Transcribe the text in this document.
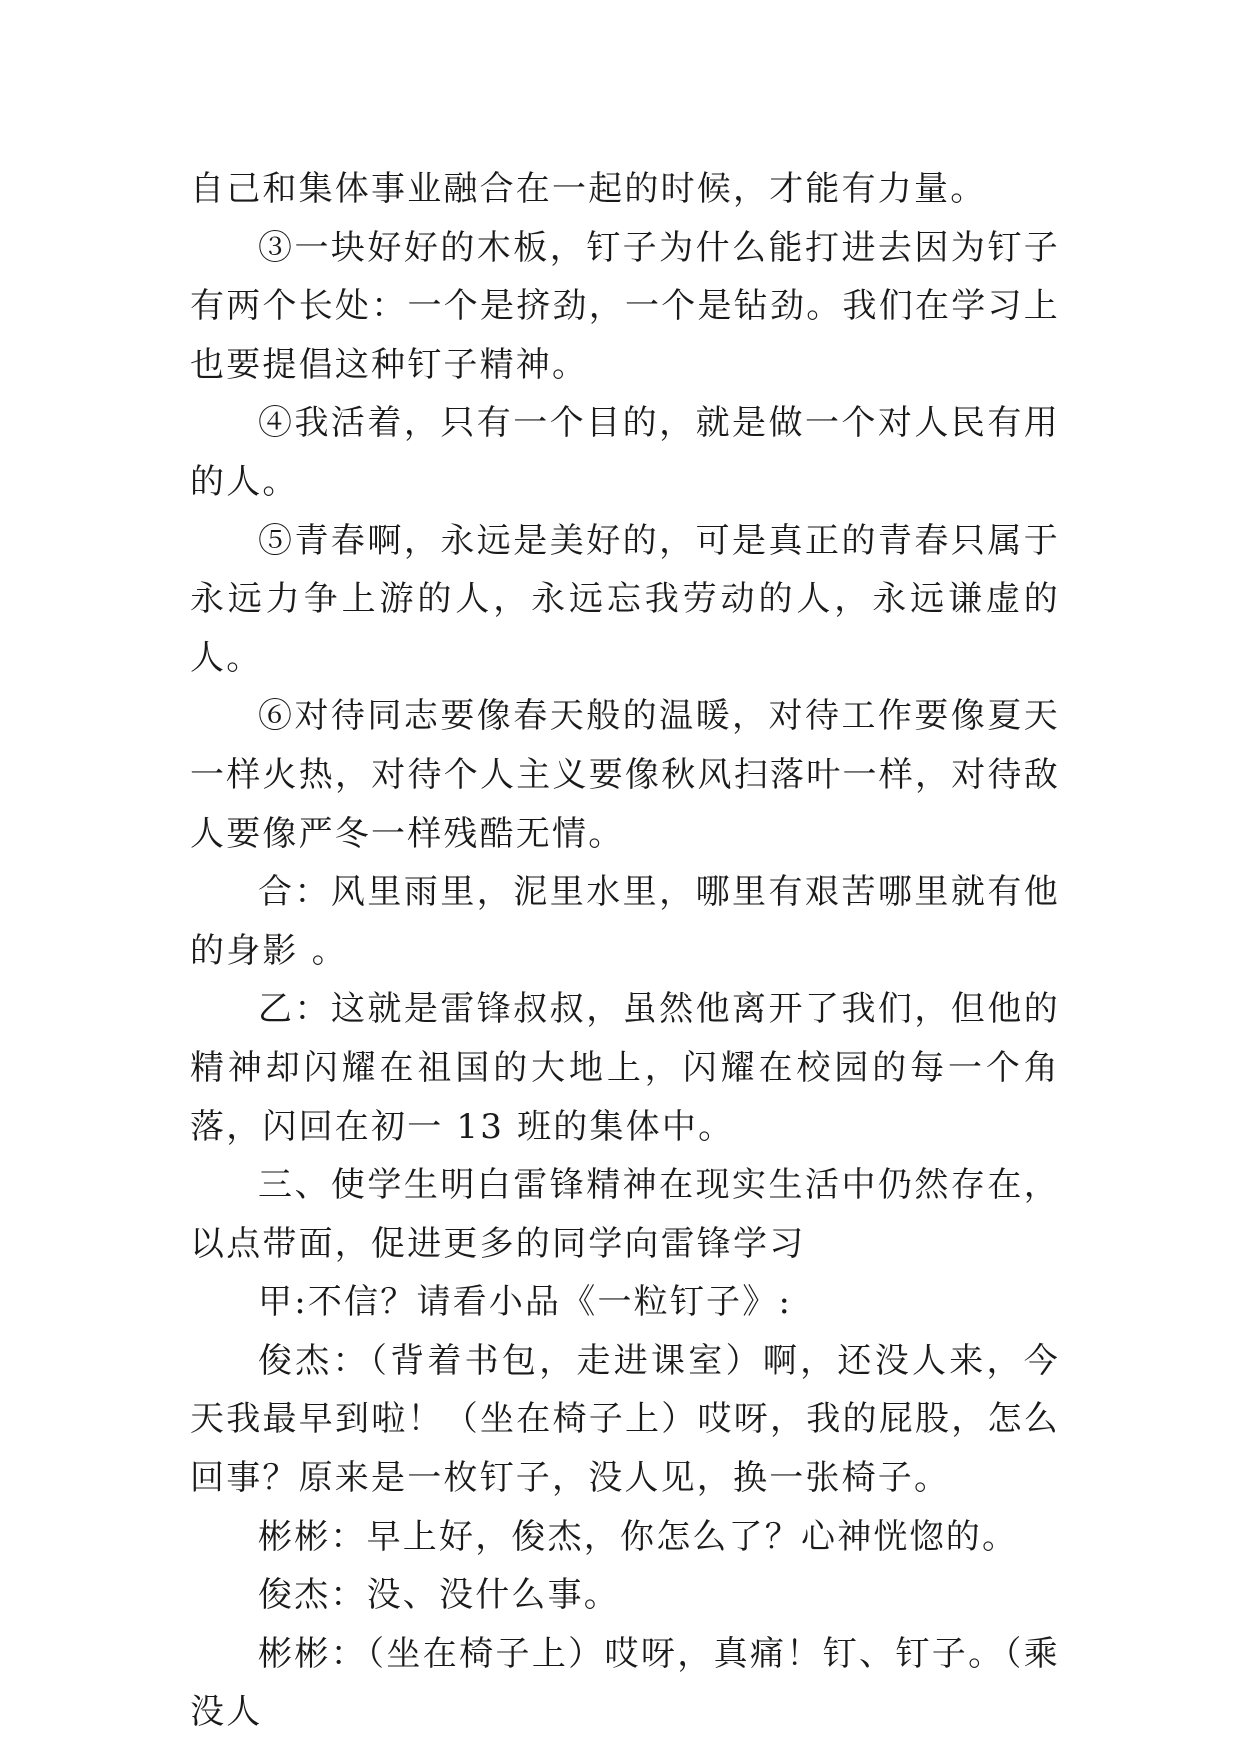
自己和集体事业融合在一起的时候，才能有力量。

③一块好好的木板，钉子为什么能打进去因为钉子有两个长处：一个是挤劲，一个是钻劲。我们在学习上也要提倡这种钉子精神。

④我活着，只有一个目的，就是做一个对人民有用的人。

⑤青春啊，永远是美好的，可是真正的青春只属于永远力争上游的人，永远忘我劳动的人，永远谦虚的人。

⑥对待同志要像春天般的温暖，对待工作要像夏天一样火热，对待个人主义要像秋风扫落叶一样，对待敌人要像严冬一样残酷无情。

合：风里雨里，泥里水里，哪里有艰苦哪里就有他的身影 。

乙：这就是雷锋叔叔，虽然他离开了我们，但他的精神却闪耀在祖国的大地上，闪耀在校园的每一个角落，闪回在初一 13 班的集体中。

三、使学生明白雷锋精神在现实生活中仍然存在，以点带面，促进更多的同学向雷锋学习

甲:不信？请看小品《一粒钉子》:

俊杰：（背着书包，走进课室）啊，还没人来，今天我最早到啦！（坐在椅子上）哎呀，我的屁股，怎么回事？原来是一枚钉子，没人见，换一张椅子。

彬彬：早上好，俊杰，你怎么了？心神恍惚的。

俊杰：没、没什么事。

彬彬：（坐在椅子上）哎呀，真痛！钉、钉子。（乘没人
